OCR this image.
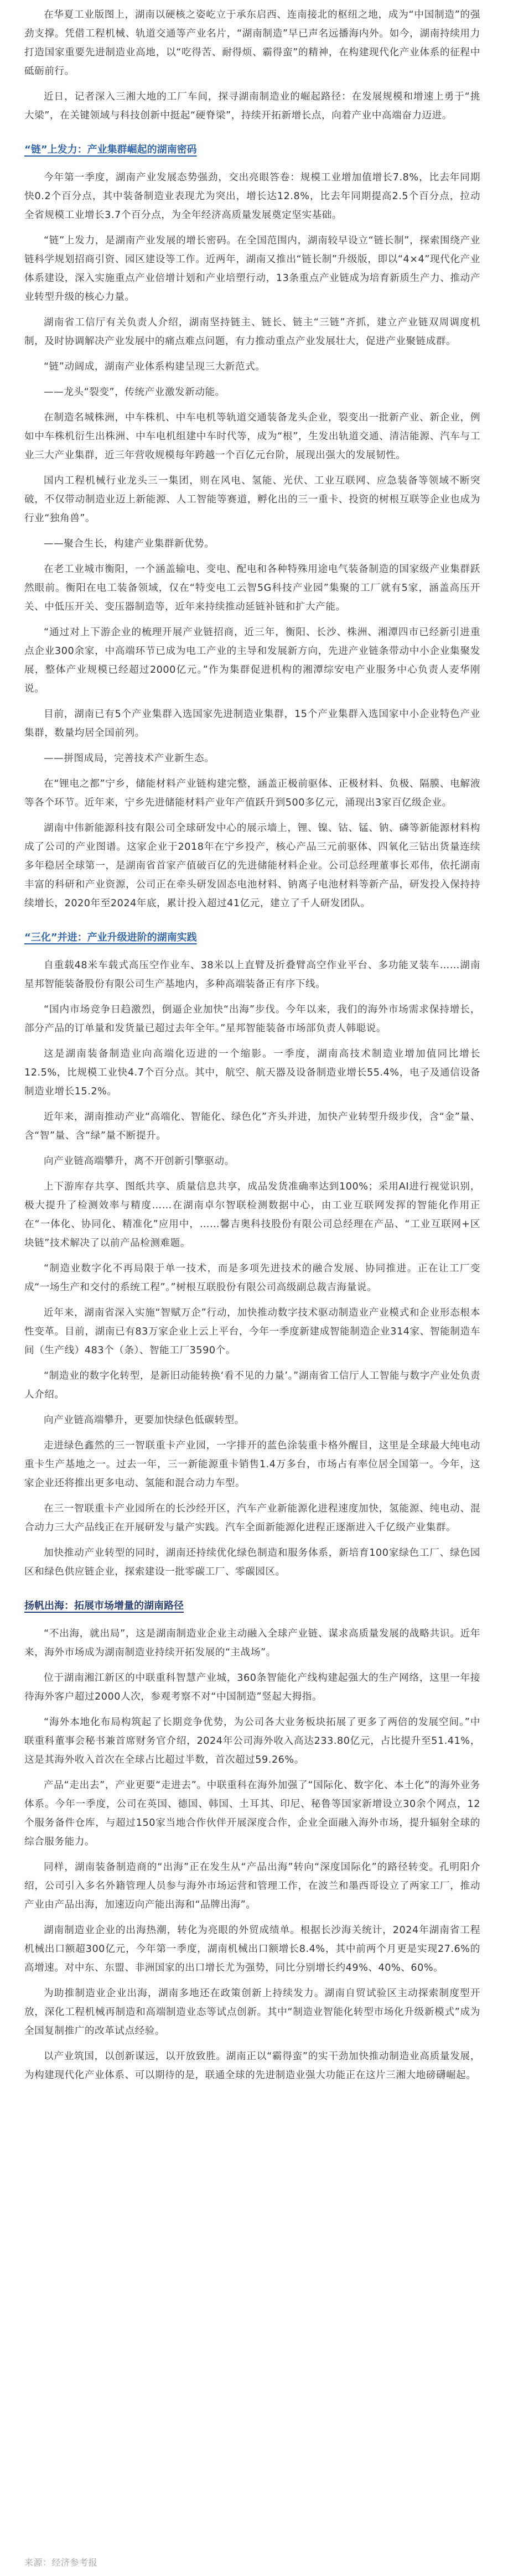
在华夏工业版图上，湖南以硬核之姿屹立于承东启西、连南接北的枢纽之地，成为“中国制造”的强劲支撑。凭借工程机械、轨道交通等产业名片，“湖南制造”早已声名远播海内外。如今，湖南持续用力打造国家重要先进制造业高地，以“吃得苦、耐得烦、霸得蛮”的精神，在构建现代化产业体系的征程中砥砺前行。

近日，记者深入三湘大地的工厂车间，探寻湖南制造业的崛起路径：在发展规模和增速上勇于“挑大梁”，在关键领域与科技创新中挺起“硬脊梁”，持续开拓新增长点，向着产业中高端奋力迈进。

“链”上发力：产业集群崛起的湖南密码

今年第一季度，湖南产业发展态势强劲，交出亮眼答卷：规模工业增加值增长7.8%，比去年同期快0.2个百分点，其中装备制造业表现尤为突出，增长达12.8%，比去年同期提高2.5个百分点，拉动全省规模工业增长3.7个百分点，为全年经济高质量发展奠定坚实基础。

“链”上发力，是湖南产业发展的增长密码。在全国范围内，湖南较早设立“链长制”，探索围绕产业链科学规划招商引资、园区建设等工作。近两年，湖南又推出“链长制”升级版，即以“4×4”现代化产业体系建设，深入实施重点产业倍增计划和产业培塑行动，13条重点产业链成为培育新质生产力、推动产业转型升级的核心力量。

湖南省工信厅有关负责人介绍，湖南坚持链主、链长、链主“三链”齐抓，建立产业链双周调度机制，及时协调解决产业发展中的痛点难点问题，有力推动重点产业发展壮大，促进产业聚链成群。

“链”动阔成，湖南产业体系构建呈现三大新范式。

——龙头“裂变”，传统产业激发新动能。

在制造名城株洲，中车株机、中车电机等轨道交通装备龙头企业，裂变出一批新产业、新企业，例如中车株机衍生出株洲、中车电机组建中车时代等，成为“根”，生发出轨道交通、清洁能源、汽车与工业三大产业集群，近三年营收规模每年跨越一个百亿元台阶，展现出强大的发展韧性。

国内工程机械行业龙头三一集团，则在风电、氢能、光伏、工业互联网、应急装备等领域不断突破，不仅带动制造业迈上新能源、人工智能等赛道，孵化出的三一重卡、投资的树根互联等企业也成为行业“独角兽”。

——聚合生长，构建产业集群新优势。

在老工业城市衡阳，一个涵盖输电、变电、配电和各种特殊用途电气装备制造的国家级产业集群跃然眼前。衡阳在电工装备领域，仅在“特变电工云智5G科技产业园”集聚的工厂就有5家，涵盖高压开关、中低压开关、变压器制造等，近年来持续推动延链补链和扩大产能。

“通过对上下游企业的梳理开展产业链招商，近三年，衡阳、长沙、株洲、湘潭四市已经新引进重点企业300余家，中高端环节已成为电工产业的主导和发展新方向，先进产业链条带动中小企业集聚发展，整体产业规模已经超过2000亿元。”作为集群促进机构的湘潭综安电产业服务中心负责人麦华刚说。

目前，湖南已有5个产业集群入选国家先进制造业集群，15个产业集群入选国家中小企业特色产业集群，数量均居全国前列。

——拼图成局，完善技术产业新生态。

在“锂电之都”宁乡，储能材料产业链构建完整，涵盖正极前驱体、正极材料、负极、隔膜、电解液等各个环节。近年来，宁乡先进储能材料产业年产值跃升到500多亿元，涌现出3家百亿级企业。

湖南中伟新能源科技有限公司全球研发中心的展示墙上，锂、镍、钴、锰、钠、磷等新能源材料构成了公司的产业图谱。这家企业于2018年在宁乡投产，核心产品三元前驱体、四氧化三钴出货量连续多年稳居全球第一，是湖南省首家产值破百亿的先进储能材料企业。公司总经理董事长邓伟，依托湖南丰富的科研和产业资源，公司正在牵头研发固态电池材料、钠离子电池材料等新产品，研发投入保持持续增长，2020年至2024年底，累计投入超过41亿元，建立了千人研发团队。

“三化”并进：产业升级进阶的湖南实践

自重载48米车载式高压空作业车、38米以上直臂及折叠臂高空作业平台、多功能叉装车……湖南星邦智能装备股份有限公司生产基地内，多种高端装备正有序下线。

“国内市场竞争日趋激烈，倒逼企业加快“出海”步伐。今年以来，我们的海外市场需求保持增长，部分产品的订单量和发货量已超过去年全年。”星邦智能装备市场部负责人韩聪说。

这是湖南装备制造业向高端化迈进的一个缩影。一季度，湖南高技术制造业增加值同比增长12.5%，比规模工业快4.7个百分点。其中，航空、航天器及设备制造业增长55.4%，电子及通信设备制造业增长15.2%。

近年来，湖南推动产业“高端化、智能化、绿色化”齐头并进，加快产业转型升级步伐，含“金”量、含“智”量、含“绿”量不断提升。

向产业链高端攀升，离不开创新引擎驱动。

上下游库存共享、图纸共享、质量信息共享，成品发货准确率达到100%；采用AI进行视觉识别，极大提升了检测效率与精度……在湖南卓尔智联检测数据中心，由工业互联网发挥的智能化作用正在“一体化、协同化、精准化”应用中，……馨吉奥科技股份有限公司总经理在产品、“工业互联网+区块链”技术解决了以前产品检测难题。

“制造业数字化不再局限于单一技术，而是多项先进技术的融合发展、协同推进。正在让工厂变成“一场生产和交付的系统工程”。”树根互联股份有限公司高级副总裁吉海量说。

近年来，湖南省深入实施“智赋万企”行动，加快推动数字技术驱动制造业产业模式和企业形态根本性变革。目前，湖南已有83万家企业上云上平台，今年一季度新建成智能制造企业314家、智能制造车间（生产线）483个（条）、智能工厂3590个。

“制造业的数字化转型，是新旧动能转换‘看不见的力量’。”湖南省工信厅人工智能与数字产业处负责人介绍。

向产业链高端攀升，更要加快绿色低碳转型。

走进绿色鑫然的三一智联重卡产业园，一字排开的蓝色涂装重卡格外醒目，这里是全球最大纯电动重卡生产基地之一。过去一年，三一新能源重卡销售1.4万多台，市场占有率位居全国第一。今年，这家企业还将推出更多电动、氢能和混合动力车型。

在三一智联重卡产业园所在的长沙经开区，汽车产业新能源化进程速度加快，氢能源、纯电动、混合动力三大产品线正在开展研发与量产实践。汽车全面新能源化进程正逐渐进入千亿级产业集群。

加快推动产业转型的同时，湖南还持续优化绿色制造和服务体系，新培育100家绿色工厂、绿色园区和绿色供应链企业，探索建设一批零碳工厂、零碳园区。

扬帆出海：拓展市场增量的湖南路径

“不出海，就出局”，这是湖南制造业企业主动融入全球产业链、谋求高质量发展的战略共识。近年来，海外市场成为湖南制造业持续开拓发展的“主战场”。

位于湖南湘江新区的中联重科智慧产业城，360条智能化产线构建起强大的生产网络，这里一年接待海外客户超过2000人次，参观考察不对“中国制造”竖起大拇指。

“海外本地化布局构筑起了长期竞争优势，为公司各大业务板块拓展了更多了两倍的发展空间。”中联重科董事会秘书兼首席财务官介绍，2024年公司海外收入高达233.80亿元，占比提升至51.41%，这是其海外收入首次在全球占比超过半数，首次超过59.26%。

产品“走出去”，产业更要“走进去”。中联重科在海外加强了“国际化、数字化、本土化”的海外业务体系。今年一季度，公司在英国、德国、韩国、土耳其、印尼、秘鲁等国家新增设立30余个网点，12个服务备件仓库，与超过150家当地合作伙伴开展深度合作，企业全面融入海外市场，提升辐射全球的综合服务能力。

同样，湖南装备制造商的“出海”正在发生从“产品出海”转向“深度国际化”的路径转变。孔明阳介绍，公司引入多名外籍管理人员参与海外市场运营和管理工作，在波兰和墨西哥设立了两家工厂，推动产业由产品出海，加速迈向产能出海和“品牌出海”。

湖南制造业企业的出海热潮，转化为亮眼的外贸成绩单。根据长沙海关统计，2024年湖南省工程机械出口额超300亿元，今年第一季度，湖南机械出口额增长8.4%，其中前两个月更是实现27.6%的高增速。对中东、东盟、非洲国家的出口增长尤为强势，同比分别增长约49%、40%、60%。

为助推制造业企业出海，湖南多地还在政策创新上持续发力。湖南自贸试验区主动探索制度型开放，深化工程机械再制造和高端制造业态等试点创新。其中“制造业智能化转型市场化升级新模式”成为全国复制推广的改革试点经验。

以产业筑国，以创新谋远，以开放致胜。湖南正以“霸得蛮”的实干劲加快推动制造业高质量发展，为构建现代化产业体系、可以期待的是，联通全球的先进制造业强大功能正在这片三湘大地磅礴崛起。

来源：经济参考报
